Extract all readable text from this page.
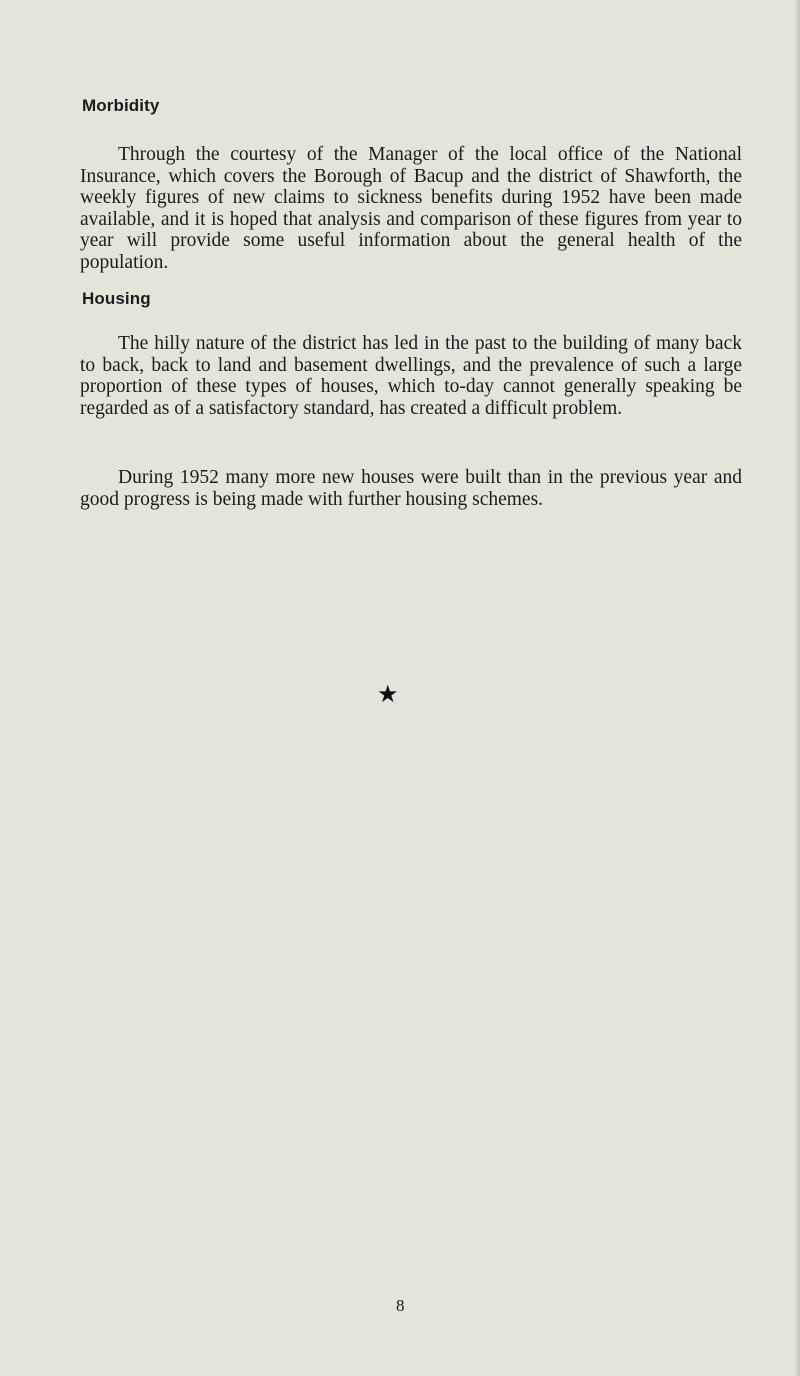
Morbidity

Through the courtesy of the Manager of the local office of the National Insurance, which covers the Borough of Bacup and the district of Shawforth, the weekly figures of new claims to sickness benefits during 1952 have been made available, and it is hoped that analysis and comparison of these figures from year to year will provide some useful information about the general health of the population.

Housing

The hilly nature of the district has led in the past to the building of many back to back, back to land and basement dwellings, and the prevalence of such a large proportion of these types of houses, which to-day cannot generally speaking be regarded as of a satisfactory standard, has created a difficult problem.

During 1952 many more new houses were built than in the previous year and good progress is being made with further housing schemes.

★

8
